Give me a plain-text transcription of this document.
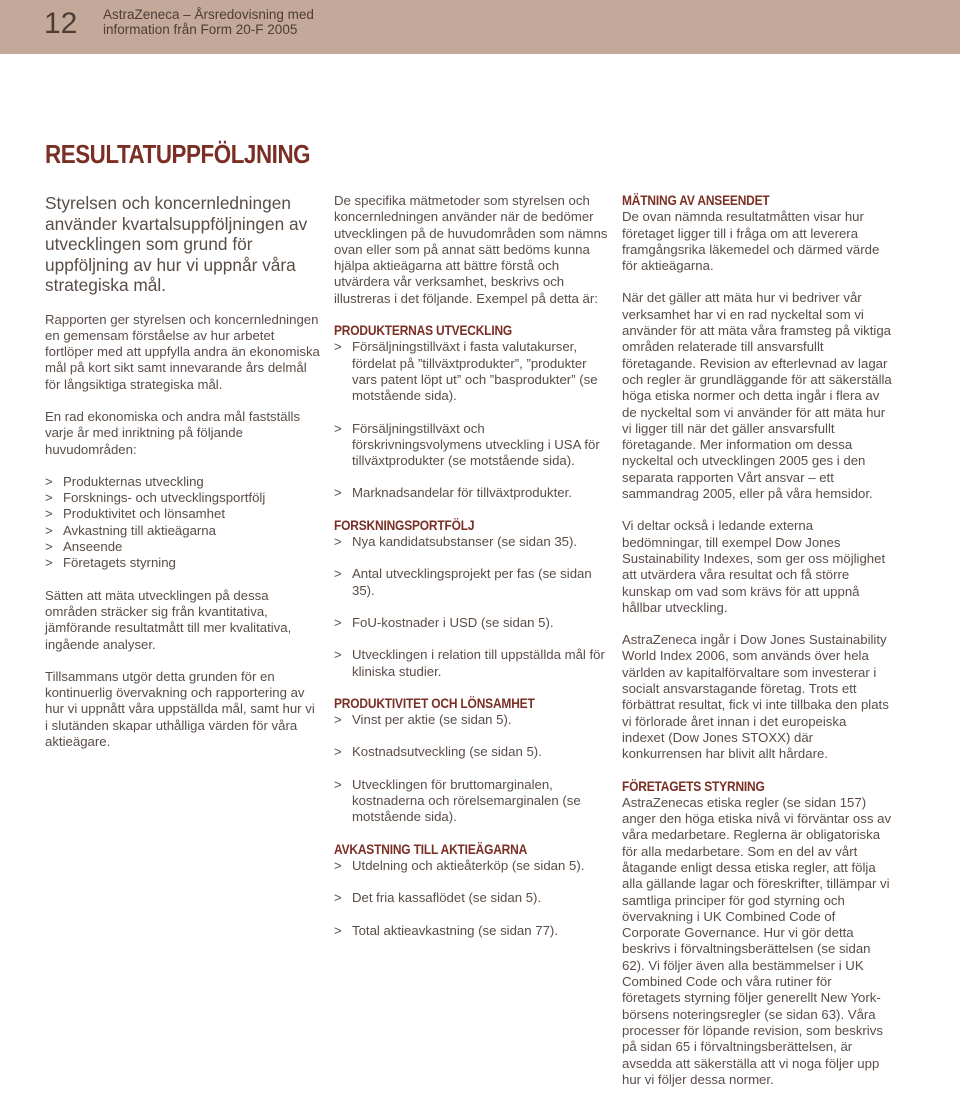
12 AstraZeneca – Årsredovisning med
information från Form 20-F 2005
RESULTATUPPFÖLJNING

Styrelsen och koncernledningen använder kvartalsuppföljningen av utvecklingen som grund för uppföljning av hur vi uppnår våra strategiska mål.

Rapporten ger styrelsen och koncernledningen en gemensam förståelse av hur arbetet fortlöper med att uppfylla andra än ekonomiska mål på kort sikt samt innevarande års delmål för långsiktiga strategiska mål.

En rad ekonomiska och andra mål fastställs varje år med inriktning på följande huvudområden:

> Produkternas utveckling
> Forsknings- och utvecklingsportfölj
> Produktivitet och lönsamhet
> Avkastning till aktieägarna
> Anseende
> Företagets styrning

Sätten att mäta utvecklingen på dessa områden sträcker sig från kvantitativa, jämförande resultatmått till mer kvalitativa, ingående analyser.

Tillsammans utgör detta grunden för en kontinuerlig övervakning och rapportering av hur vi uppnått våra uppställda mål, samt hur vi i slutänden skapar uthålliga värden för våra aktieägare.

De specifika mätmetoder som styrelsen och koncernledningen använder när de bedömer utvecklingen på de huvudområden som nämns ovan eller som på annat sätt bedöms kunna hjälpa aktieägarna att bättre förstå och utvärdera vår verksamhet, beskrivs och illustreras i det följande. Exempel på detta är:

PRODUKTERNAS UTVECKLING
> Försäljningstillväxt i fasta valutakurser, fördelat på ”tillväxtprodukter”, ”produkter vars patent löpt ut” och ”basprodukter” (se motstående sida).
> Försäljningstillväxt och förskrivningsvolymens utveckling i USA för tillväxtprodukter (se motstående sida).
> Marknadsandelar för tillväxtprodukter.
FORSKNINGSPORTFÖLJ
> Nya kandidatsubstanser (se sidan 35).
> Antal utvecklingsprojekt per fas (se sidan 35).
> FoU-kostnader i USD (se sidan 5).
> Utvecklingen i relation till uppställda mål för kliniska studier.
PRODUKTIVITET OCH LÖNSAMHET
> Vinst per aktie (se sidan 5).
> Kostnadsutveckling (se sidan 5).
> Utvecklingen för bruttomarginalen, kostnaderna och rörelsemarginalen (se motstående sida).
AVKASTNING TILL AKTIEÄGARNA
> Utdelning och aktieåterköp (se sidan 5).
> Det fria kassaflödet (se sidan 5).
> Total aktieavkastning (se sidan 77).
MÄTNING AV ANSEENDET

De ovan nämnda resultatmåtten visar hur företaget ligger till i fråga om att leverera framgångsrika läkemedel och därmed värde för aktieägarna.

När det gäller att mäta hur vi bedriver vår verksamhet har vi en rad nyckeltal som vi använder för att mäta våra framsteg på viktiga områden relaterade till ansvarsfullt företagande. Revision av efterlevnad av lagar och regler är grundläggande för att säkerställa höga etiska normer och detta ingår i flera av de nyckeltal som vi använder för att mäta hur vi ligger till när det gäller ansvarsfullt företagande. Mer information om dessa nyckeltal och utvecklingen 2005 ges i den separata rapporten Vårt ansvar – ett sammandrag 2005, eller på våra hemsidor.

Vi deltar också i ledande externa bedömningar, till exempel Dow Jones Sustainability Indexes, som ger oss möjlighet att utvärdera våra resultat och få större kunskap om vad som krävs för att uppnå hållbar utveckling.

AstraZeneca ingår i Dow Jones Sustainability World Index 2006, som används över hela världen av kapitalförvaltare som investerar i socialt ansvarstagande företag. Trots ett förbättrat resultat, fick vi inte tillbaka den plats vi förlorade året innan i det europeiska indexet (Dow Jones STOXX) där konkurrensen har blivit allt hårdare.

FÖRETAGETS STYRNING

AstraZenecas etiska regler (se sidan 157) anger den höga etiska nivå vi förväntar oss av våra medarbetare. Reglerna är obligatoriska för alla medarbetare. Som en del av vårt åtagande enligt dessa etiska regler, att följa alla gällande lagar och föreskrifter, tillämpar vi samtliga principer för god styrning och övervakning i UK Combined Code of Corporate Governance. Hur vi gör detta beskrivs i förvaltningsberättelsen (se sidan 62). Vi följer även alla bestämmelser i UK Combined Code och våra rutiner för företagets styrning följer generellt New York-börsens noteringsregler (se sidan 63). Våra processer för löpande revision, som beskrivs på sidan 65 i förvaltningsberättelsen, är avsedda att säkerställa att vi noga följer upp hur vi följer dessa normer.
